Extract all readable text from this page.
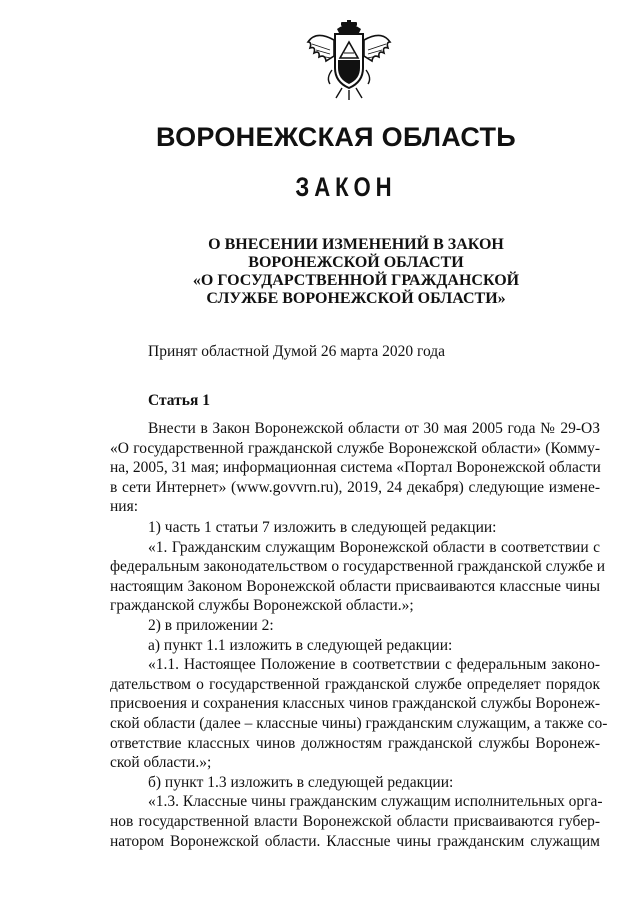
ВОРОНЕЖСКАЯ ОБЛАСТЬ
ЗАКОН
О ВНЕСЕНИИ ИЗМЕНЕНИЙ В ЗАКОН
ВОРОНЕЖСКОЙ ОБЛАСТИ
«О ГОСУДАРСТВЕННОЙ ГРАЖДАНСКОЙ
СЛУЖБЕ ВОРОНЕЖСКОЙ ОБЛАСТИ»
Принят областной Думой 26 марта 2020 года
Статья 1
Внести в Закон Воронежской области от 30 мая 2005 года № 29-ОЗ
«О государственной гражданской службе Воронежской области» (Комму-
на, 2005, 31 мая; информационная система «Портал Воронежской области
в сети Интернет» (www.govvrn.ru), 2019, 24 декабря) следующие измене-
ния:
1) часть 1 статьи 7 изложить в следующей редакции:
«1. Гражданским служащим Воронежской области в соответствии с
федеральным законодательством о государственной гражданской службе и
настоящим Законом Воронежской области присваиваются классные чины
гражданской службы Воронежской области.»;
2) в приложении 2:
а) пункт 1.1 изложить в следующей редакции:
«1.1. Настоящее Положение в соответствии с федеральным законо-
дательством о государственной гражданской службе определяет порядок
присвоения и сохранения классных чинов гражданской службы Воронеж-
ской области (далее – классные чины) гражданским служащим, а также со-
ответствие классных чинов должностям гражданской службы Воронеж-
ской области.»;
б) пункт 1.3 изложить в следующей редакции:
«1.3. Классные чины гражданским служащим исполнительных орга-
нов государственной власти Воронежской области присваиваются губер-
натором Воронежской области. Классные чины гражданским служащим
